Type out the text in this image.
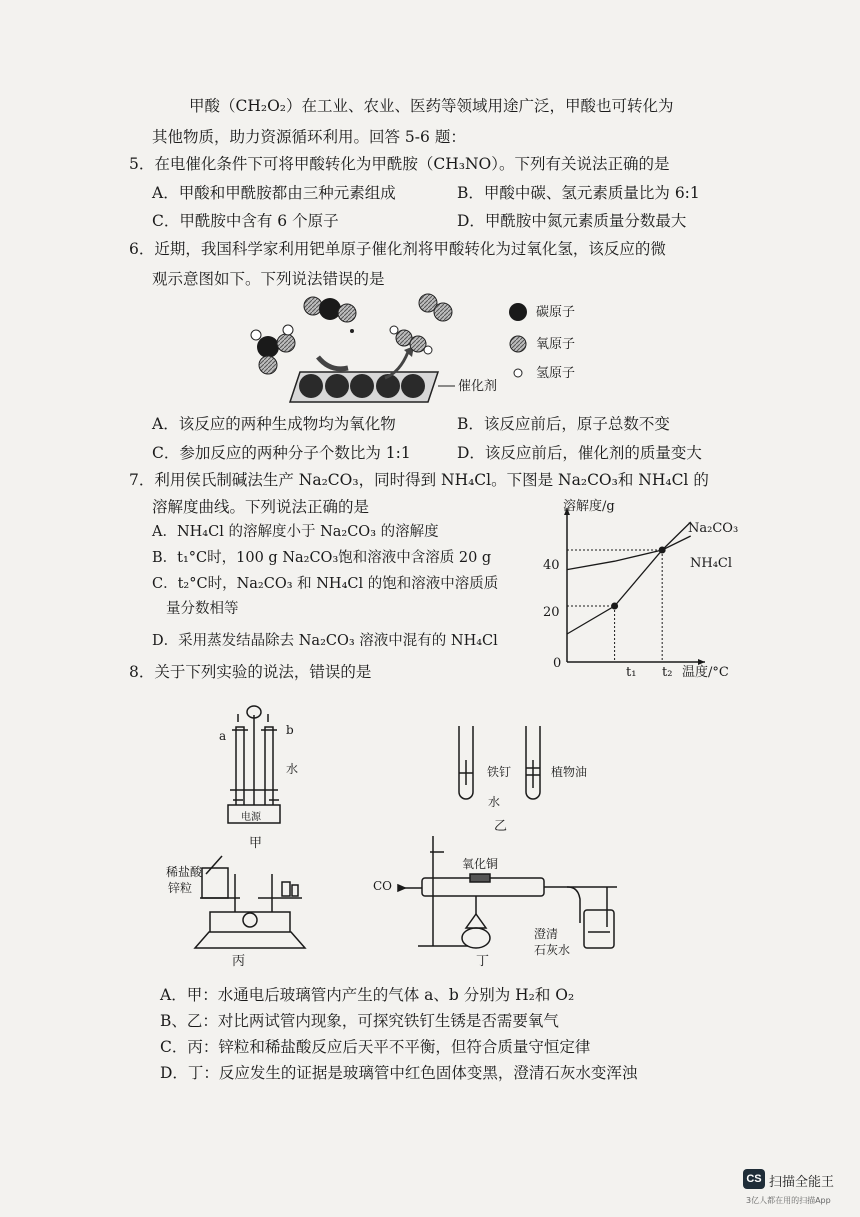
甲酸（CH₂O₂）在工业、农业、医药等领域用途广泛，甲酸也可转化为
其他物质，助力资源循环利用。回答 5-6 题：
5．在电催化条件下可将甲酸转化为甲酰胺（CH₃NO）。下列有关说法正确的是
A．甲酸和甲酰胺都由三种元素组成	B．甲酸中碳、氢元素质量比为 6:1
C．甲酰胺中含有 6 个原子	D．甲酰胺中氮元素质量分数最大
6．近期，我国科学家利用钯单原子催化剂将甲酸转化为过氧化氢，该反应的微
观示意图如下。下列说法错误的是
碳原子
氧原子
氢原子
催化剂
A．该反应的两种生成物均为氧化物	B．该反应前后，原子总数不变
C．参加反应的两种分子个数比为 1:1	D．该反应前后，催化剂的质量变大
7．利用侯氏制碱法生产 Na₂CO₃，同时得到 NH₄Cl。下图是 Na₂CO₃和 NH₄Cl 的
溶解度曲线。下列说法正确的是
A．NH₄Cl 的溶解度小于 Na₂CO₃ 的溶解度
B．t₁°C时，100 g Na₂CO₃饱和溶液中含溶质 20 g
C．t₂°C时，Na₂CO₃ 和 NH₄Cl 的饱和溶液中溶质质
量分数相等
D．采用蒸发结晶除去 Na₂CO₃ 溶液中混有的 NH₄Cl
溶解度/g
温度/°C
0
20
40
t₁ t₂
Na₂CO₃
NH₄Cl
8．关于下列实验的说法，错误的是
a	b
水
电源
甲
铁钉	植物油
水
乙
稀盐酸
锌粒
丙
CO
氧化铜
澄清
石灰水
丁
A．甲：水通电后玻璃管内产生的气体 a、b 分别为 H₂和 O₂
B、乙：对比两试管内现象，可探究铁钉生锈是否需要氧气
C．丙：锌粒和稀盐酸反应后天平不平衡，但符合质量守恒定律
D．丁：反应发生的证据是玻璃管中红色固体变黑，澄清石灰水变浑浊
CS 扫描全能王
3亿人都在用的扫描App
